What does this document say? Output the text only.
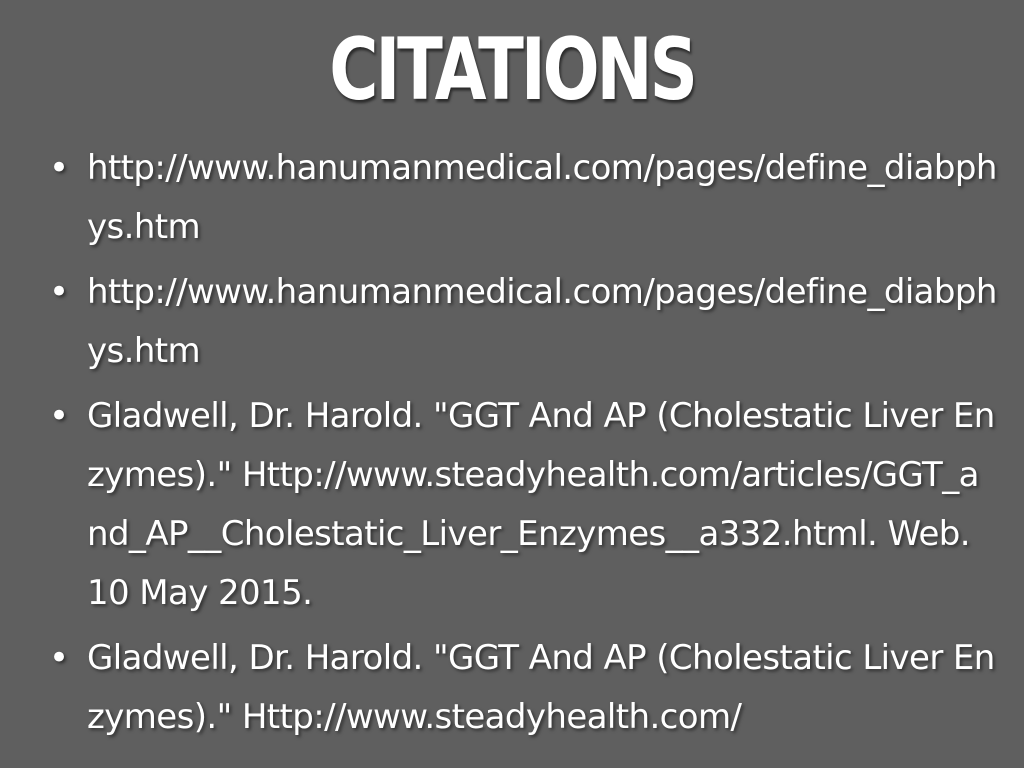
CITATIONS
• http://www.hanumanmedical.com/pages/define_diabphys.htm
• http://www.hanumanmedical.com/pages/define_diabphys.htm
• Gladwell, Dr. Harold. "GGT And AP (Cholestatic Liver Enzymes)." Http://www.steadyhealth.com/articles/GGT_and_AP__Cholestatic_Liver_Enzymes__a332.html. Web. 10 May 2015.
• Gladwell, Dr. Harold. "GGT And AP (Cholestatic Liver Enzymes)." Http://www.steadyhealth.com/
